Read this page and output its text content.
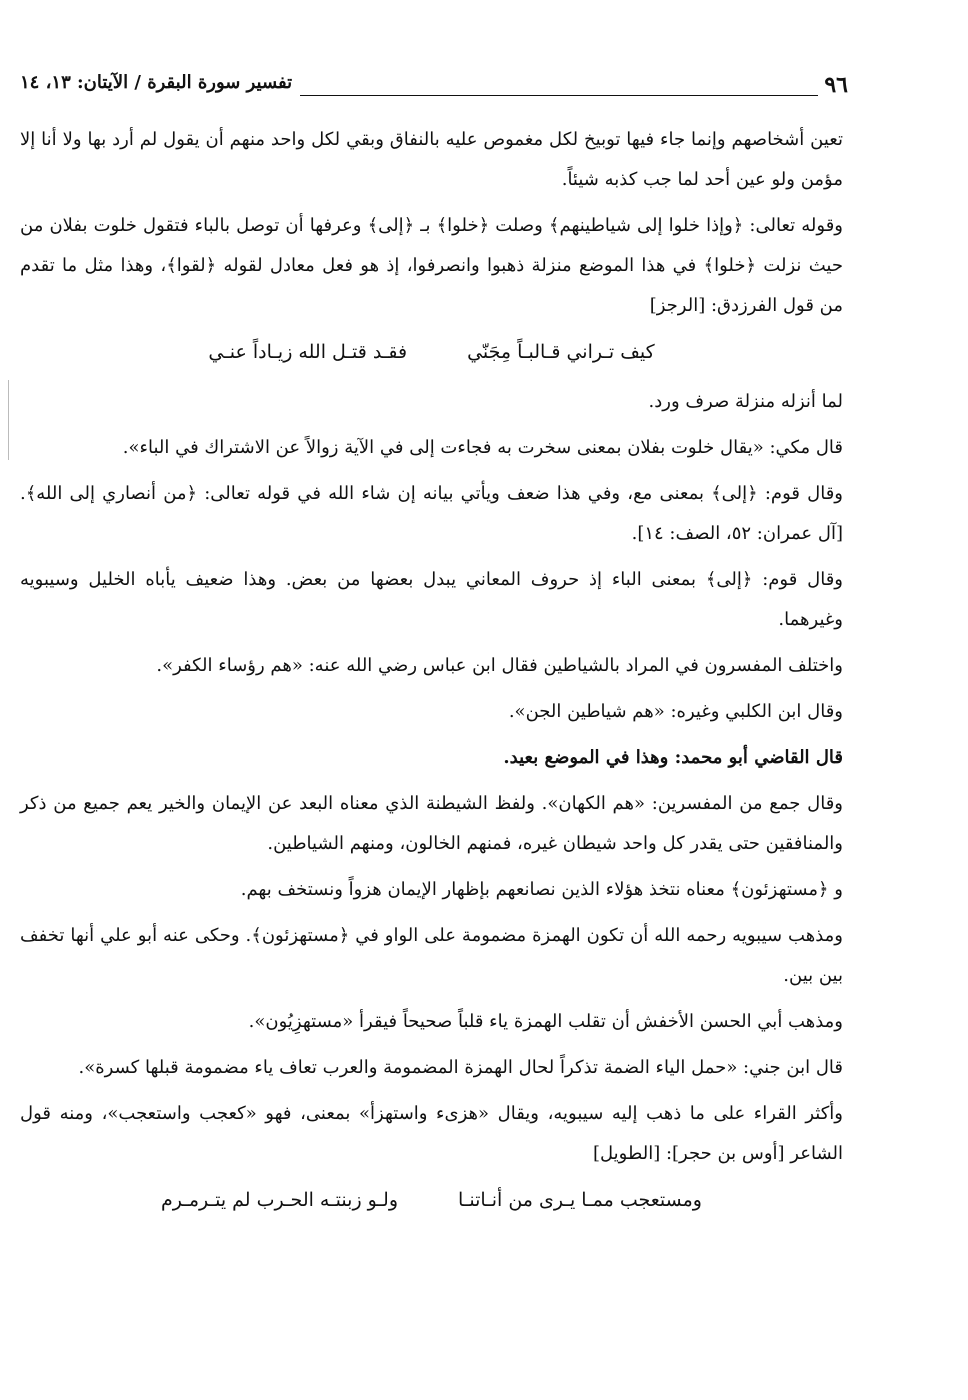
٩٦
تفسير سورة البقرة / الآيتان: ١٣، ١٤

تعين أشخاصهم وإنما جاء فيها توبيخ لكل مغموص عليه بالنفاق وبقي لكل واحد منهم أن يقول لم أرد بها ولا أنا إلا مؤمن ولو عين أحد لما جب كذبه شيئاً.

وقوله تعالى: ﴿وإذا خلوا إلى شياطينهم﴾ وصلت ﴿خلوا﴾ بـ ﴿إلى﴾ وعرفها أن توصل بالباء فتقول خلوت بفلان من حيث نزلت ﴿خلوا﴾ في هذا الموضع منزلة ذهبوا وانصرفوا، إذ هو فعل معادل لقوله ﴿لقوا﴾، وهذا مثل ما تقدم من قول الفرزدق: [الرجز]

كيف تـراني قـالبـاً مِجَنّي
فقـد قتـل الله زيـاداً عنـي

لما أنزله منزلة صرف ورد.

قال مكي: «يقال خلوت بفلان بمعنى سخرت به فجاءت إلى في الآية زوالاً عن الاشتراك في الباء».

وقال قوم: ﴿إلى﴾ بمعنى مع، وفي هذا ضعف ويأتي بيانه إن شاء الله في قوله تعالى: ﴿من أنصاري إلى الله﴾. [آل عمران: ٥٢، الصف: ١٤].

وقال قوم: ﴿إلى﴾ بمعنى الباء إذ حروف المعاني يبدل بعضها من بعض. وهذا ضعيف يأباه الخليل وسيبويه وغيرهما.

واختلف المفسرون في المراد بالشياطين فقال ابن عباس رضي الله عنه: «هم رؤساء الكفر».

وقال ابن الكلبي وغيره: «هم شياطين الجن».

قال القاضي أبو محمد: وهذا في الموضع بعيد.

وقال جمع من المفسرين: «هم الكهان». ولفظ الشيطنة الذي معناه البعد عن الإيمان والخير يعم جميع من ذكر والمنافقين حتى يقدر كل واحد شيطان غيره، فمنهم الخالون، ومنهم الشياطين.

و ﴿مستهزئون﴾ معناه نتخذ هؤلاء الذين نصانعهم بإظهار الإيمان هزواً ونستخف بهم.

ومذهب سيبويه رحمه الله أن تكون الهمزة مضمومة على الواو في ﴿مستهزئون﴾. وحكى عنه أبو علي أنها تخفف بين بين.

ومذهب أبي الحسن الأخفش أن تقلب الهمزة ياء قلباً صحيحاً فيقرأ «مستهزِيُون».

قال ابن جني: «حمل الياء الضمة تذكراً لحال الهمزة المضمومة والعرب تعاف ياء مضمومة قبلها كسرة».

وأكثر القراء على ما ذهب إليه سيبويه، ويقال «هزىء واستهزأ» بمعنى، فهو «كعجب واستعجب»، ومنه قول الشاعر [أوس بن حجر]: [الطويل]

ومستعجب ممـا يـرى من أنـاتنـا
ولـو زبنتـه الحـرب لم يتـرمـرم
